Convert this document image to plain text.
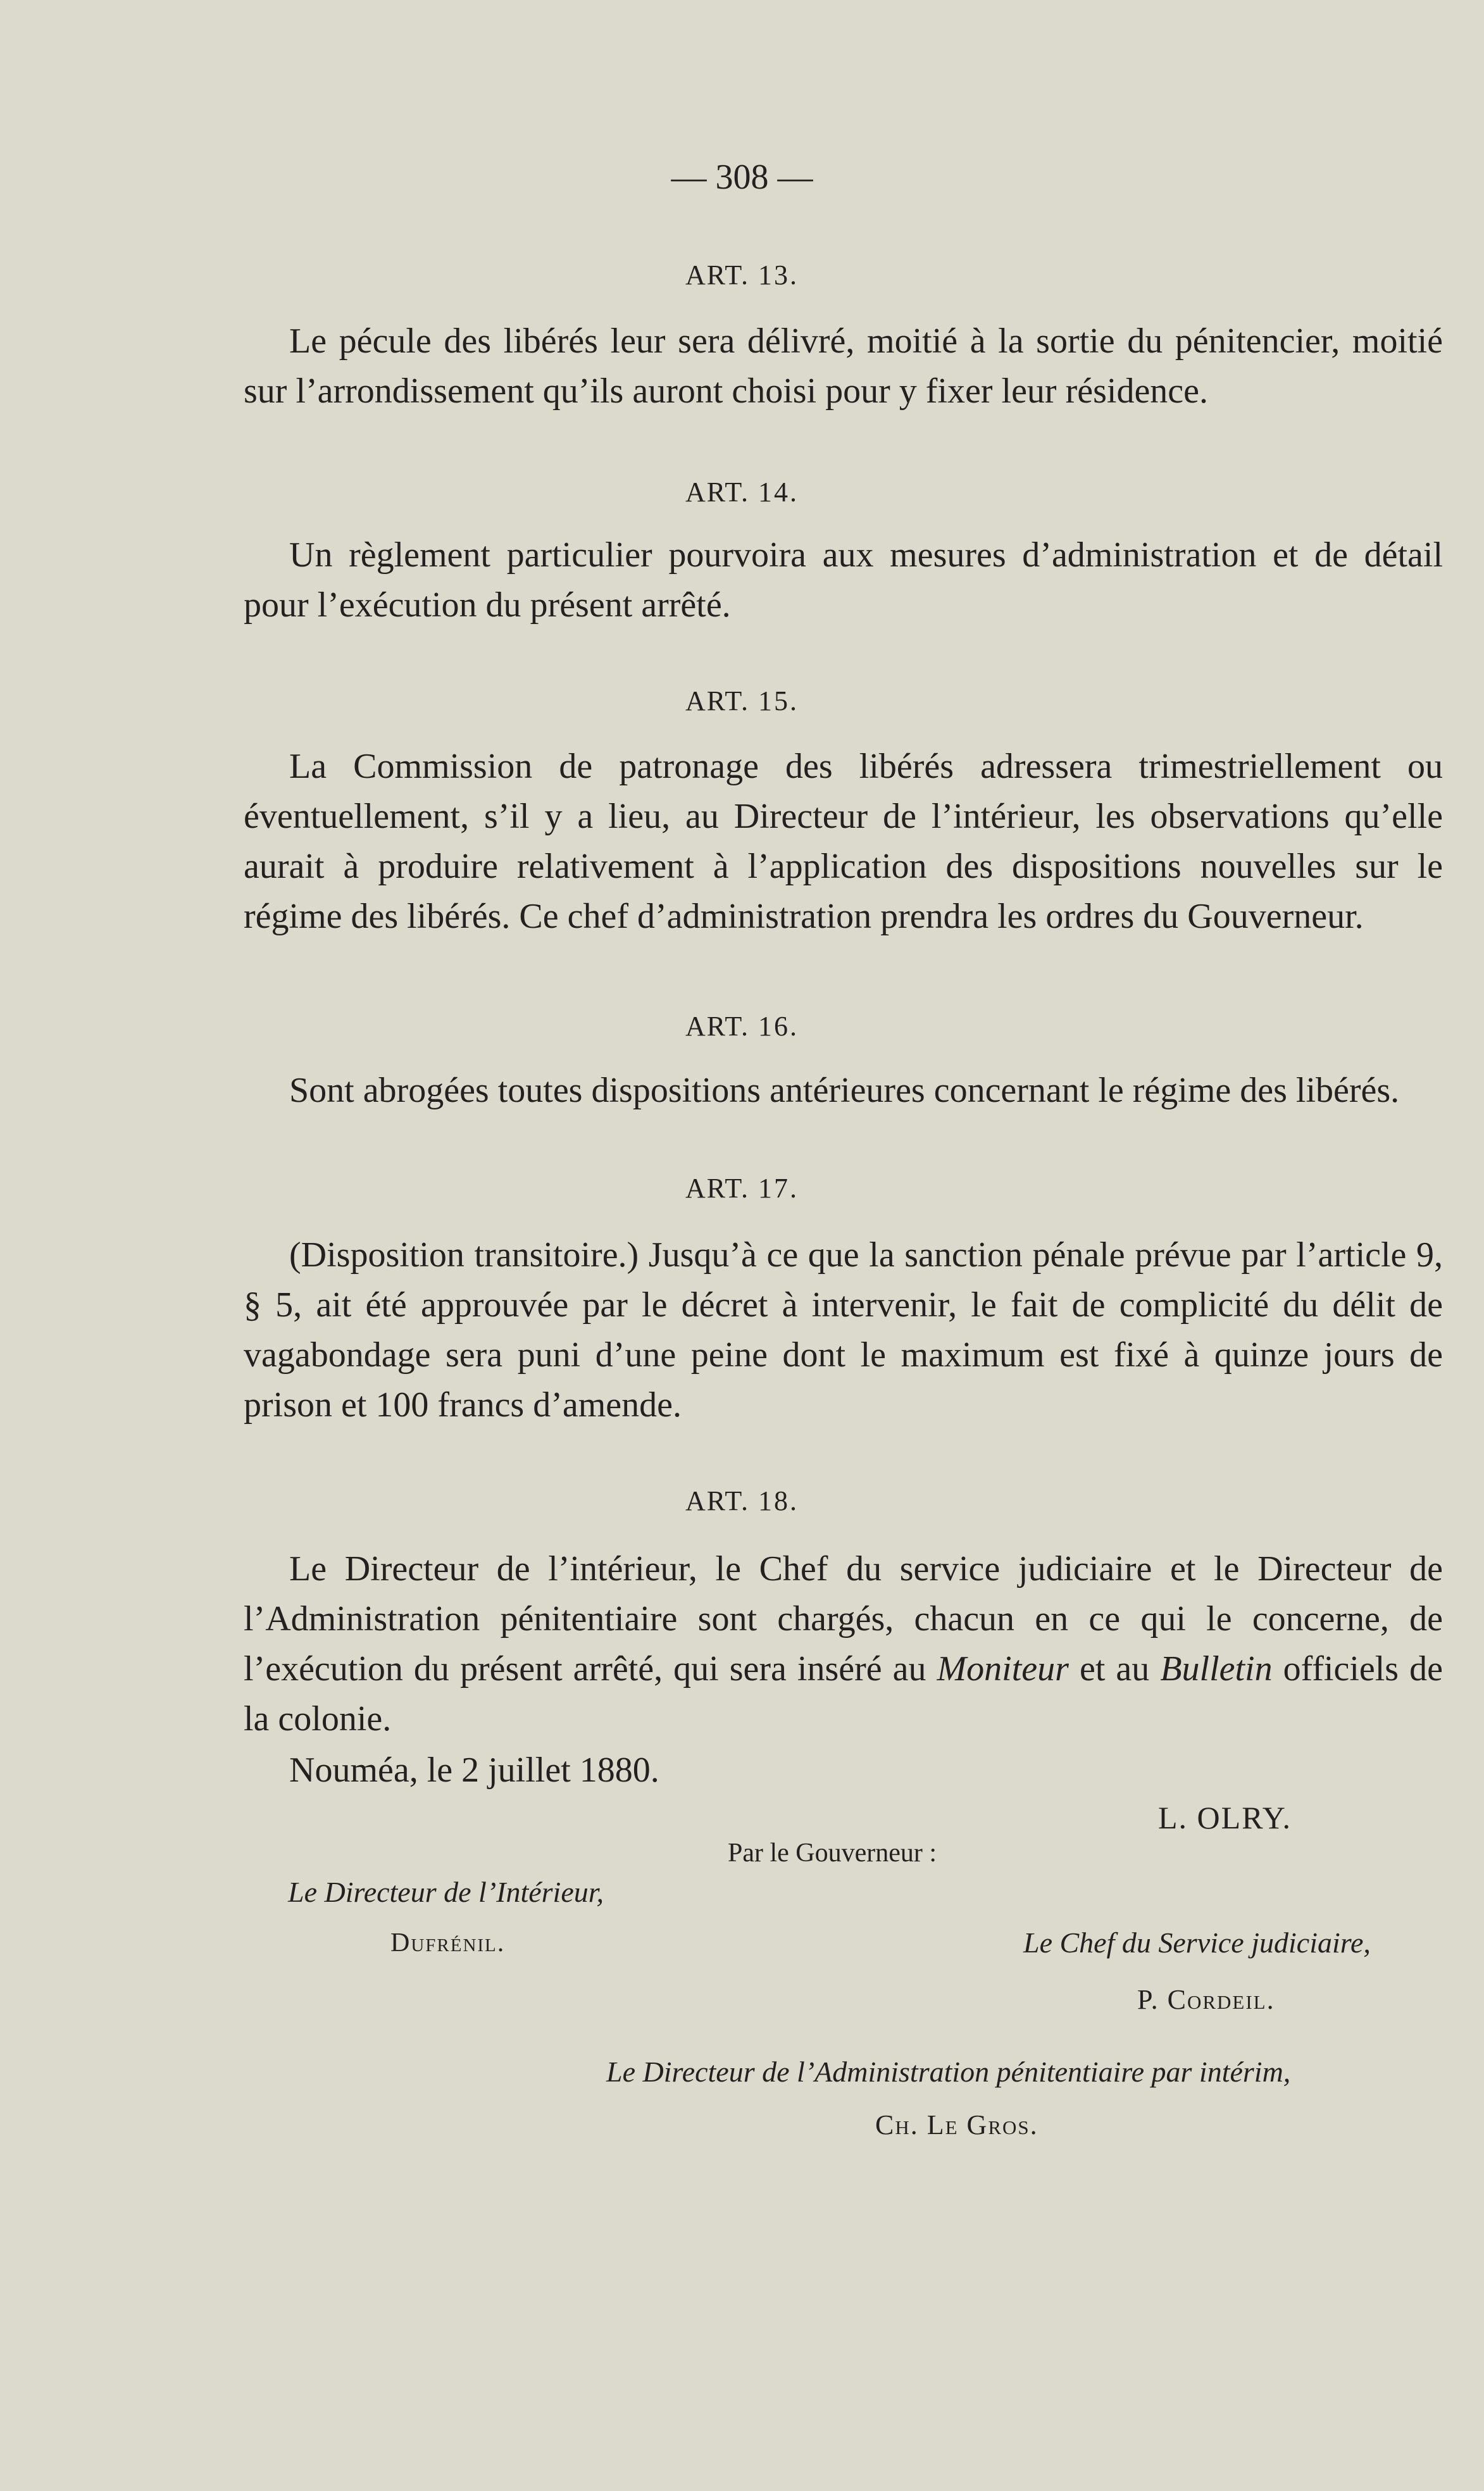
— 308 —
ART. 13.

Le pécule des libérés leur sera délivré, moitié à la sortie du pénitencier, moitié sur l’arrondissement qu’ils auront choisi pour y fixer leur résidence.

ART. 14.

Un règlement particulier pourvoira aux mesures d’administration et de détail pour l’exécution du présent arrêté.

ART. 15.

La Commission de patronage des libérés adressera trimestriellement ou éventuellement, s’il y a lieu, au Directeur de l’intérieur, les observations qu’elle aurait à produire relativement à l’application des dispositions nouvelles sur le régime des libérés. Ce chef d’administration prendra les ordres du Gouverneur.

ART. 16.

Sont abrogées toutes dispositions antérieures concernant le régime des libérés.

ART. 17.

(Disposition transitoire.) Jusqu’à ce que la sanction pénale prévue par l’article 9, § 5, ait été approuvée par le décret à intervenir, le fait de complicité du délit de vagabondage sera puni d’une peine dont le maximum est fixé à quinze jours de prison et 100 francs d’amende.

ART. 18.

Le Directeur de l’intérieur, le Chef du service judiciaire et le Directeur de l’Administration pénitentiaire sont chargés, chacun en ce qui le concerne, de l’exécution du présent arrêté, qui sera inséré au Moniteur et au Bulletin officiels de la colonie.

Nouméa, le 2 juillet 1880.
L. OLRY.
Par le Gouverneur :
Le Directeur de l’Intérieur,
Dufrénil.	Le Chef du Service judiciaire,
P. Cordeil.
Le Directeur de l’Administration pénitentiaire par intérim,
Ch. Le Gros.
